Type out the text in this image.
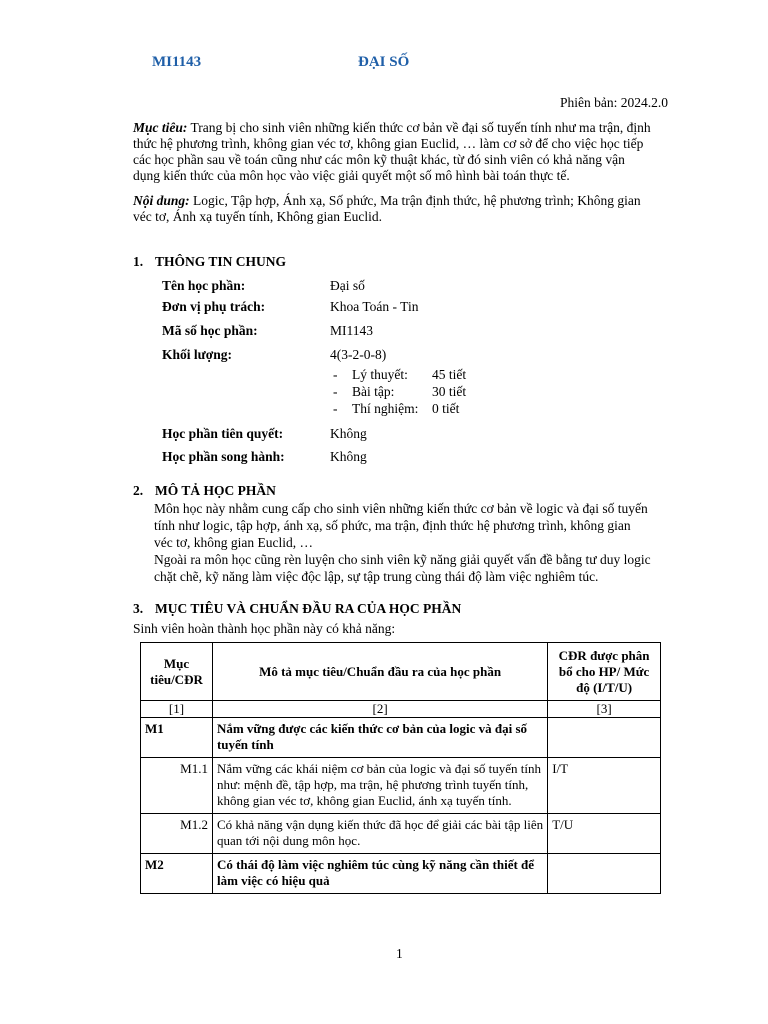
MI1143	ĐẠI SỐ
Phiên bản: 2024.2.0
Mục tiêu: Trang bị cho sinh viên những kiến thức cơ bản về đại số tuyến tính như ma trận, định
thức hệ phương trình, không gian véc tơ, không gian Euclid, … làm cơ sở để cho việc học tiếp
các học phần sau về toán cũng như các môn kỹ thuật khác, từ đó sinh viên có khả năng vận
dụng kiến thức của môn học vào việc giải quyết một số mô hình bài toán thực tế.
Nội dung: Logic, Tập hợp, Ánh xạ, Số phức, Ma trận định thức, hệ phương trình; Không gian
véc tơ, Ánh xạ tuyến tính, Không gian Euclid.
1. THÔNG TIN CHUNG
Tên học phần:	Đại số
Đơn vị phụ trách:	Khoa Toán - Tin
Mã số học phần:	MI1143
Khối lượng:	4(3-2-0-8)
- Lý thuyết: 45 tiết
- Bài tập:	30 tiết
- Thí nghiệm: 0 tiết
Học phần tiên quyết:	Không
Học phần song hành:	Không
2. MÔ TẢ HỌC PHẦN
Môn học này nhằm cung cấp cho sinh viên những kiến thức cơ bản về logic và đại số tuyến
tính như logic, tập hợp, ánh xạ, số phức, ma trận, định thức hệ phương trình, không gian
véc tơ, không gian Euclid, …
Ngoài ra môn học cũng rèn luyện cho sinh viên kỹ năng giải quyết vấn đề bằng tư duy logic
chặt chẽ, kỹ năng làm việc độc lập, sự tập trung cùng thái độ làm việc nghiêm túc.
3. MỤC TIÊU VÀ CHUẨN ĐẦU RA CỦA HỌC PHẦN
Sinh viên hoàn thành học phần này có khả năng:
Mục tiêu/CĐR	Mô tả mục tiêu/Chuẩn đầu ra của học phần	CĐR được phân bổ cho HP/ Mức độ (I/T/U)
[1]	[2]	[3]
M1	Nắm vững được các kiến thức cơ bản của logic và đại số tuyến tính	
M1.1	Nắm vững các khái niệm cơ bản của logic và đại số tuyến tính như: mệnh đề, tập hợp, ma trận, hệ phương trình tuyến tính, không gian véc tơ, không gian Euclid, ánh xạ tuyến tính.	I/T
M1.2	Có khả năng vận dụng kiến thức đã học để giải các bài tập liên quan tới nội dung môn học.	T/U
M2	Có thái độ làm việc nghiêm túc cùng kỹ năng cần thiết để làm việc có hiệu quả	
1
